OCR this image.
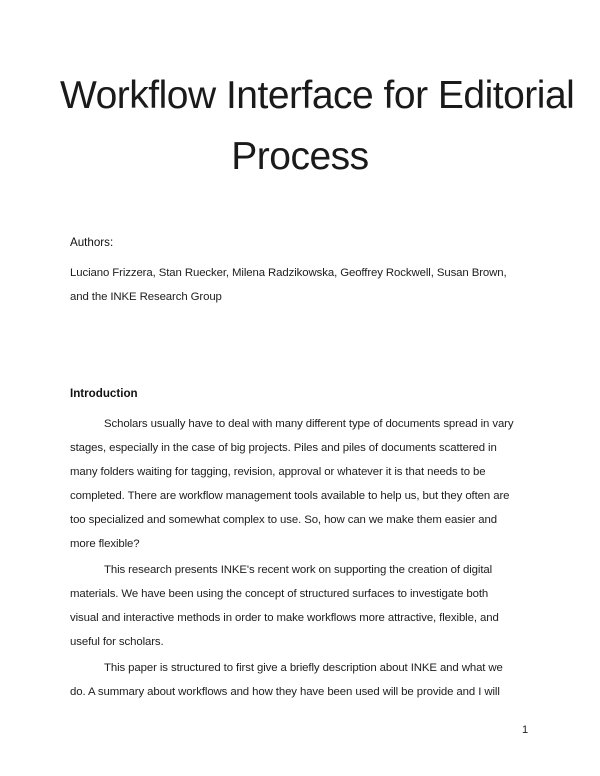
Workflow Interface for Editorial
Process
Authors:
Luciano Frizzera, Stan Ruecker, Milena Radzikowska, Geoffrey Rockwell, Susan Brown,
and the INKE Research Group
Introduction
Scholars usually have to deal with many different type of documents spread in vary
stages, especially in the case of big projects. Piles and piles of documents scattered in
many folders waiting for tagging, revision, approval or whatever it is that needs to be
completed. There are workflow management tools available to help us, but they often are
too specialized and somewhat complex to use. So, how can we make them easier and
more flexible?
This research presents INKE's recent work on supporting the creation of digital
materials. We have been using the concept of structured surfaces to investigate both
visual and interactive methods in order to make workflows more attractive, flexible, and
useful for scholars.
This paper is structured to first give a briefly description about INKE and what we
do. A summary about workflows and how they have been used will be provide and I will
1
